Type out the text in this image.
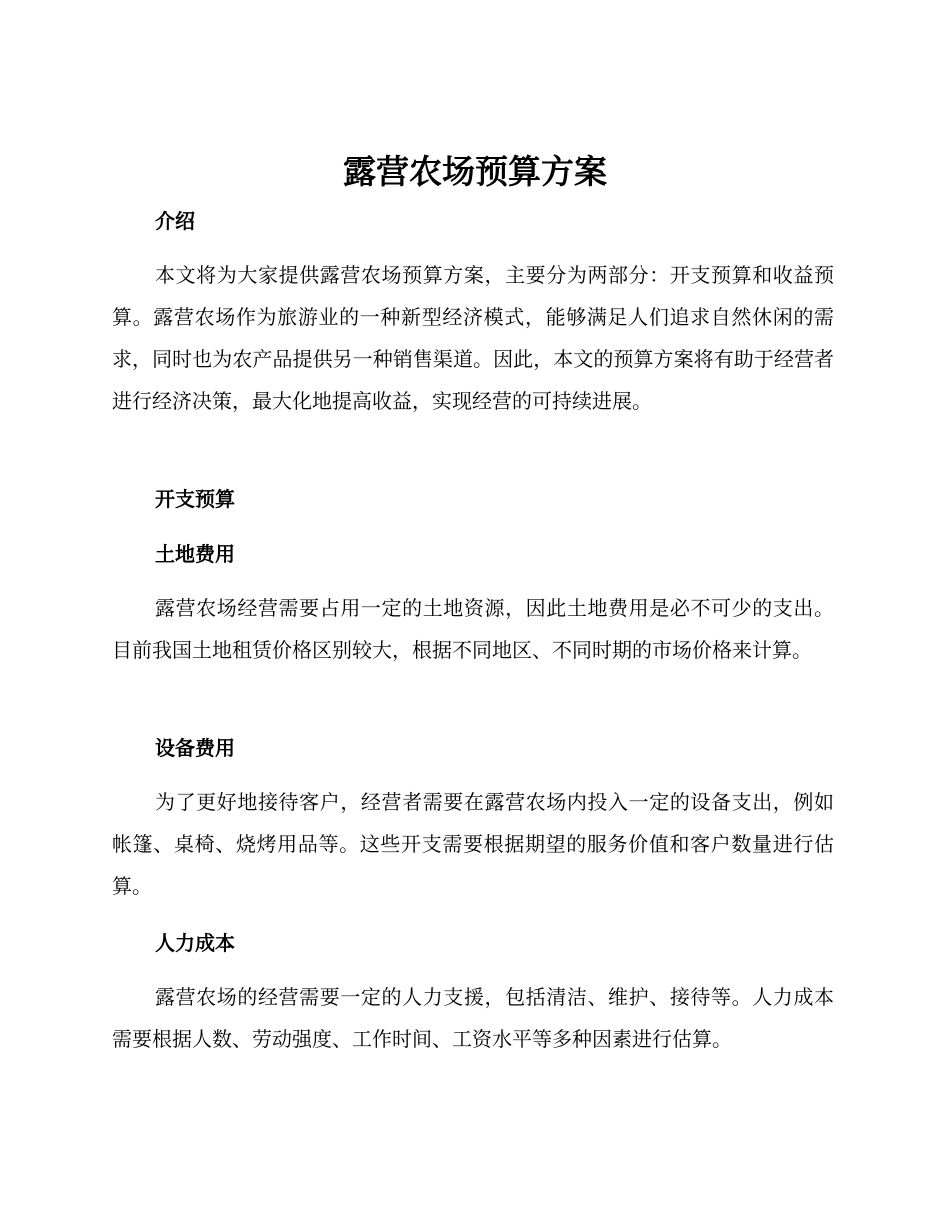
露营农场预算方案
介绍

本文将为大家提供露营农场预算方案，主要分为两部分：开支预算和收益预算。露营农场作为旅游业的一种新型经济模式，能够满足人们追求自然休闲的需求，同时也为农产品提供另一种销售渠道。因此，本文的预算方案将有助于经营者进行经济决策，最大化地提高收益，实现经营的可持续进展。

开支预算
土地费用

露营农场经营需要占用一定的土地资源，因此土地费用是必不可少的支出。目前我国土地租赁价格区别较大，根据不同地区、不同时期的市场价格来计算。

设备费用

为了更好地接待客户，经营者需要在露营农场内投入一定的设备支出，例如帐篷、桌椅、烧烤用品等。这些开支需要根据期望的服务价值和客户数量进行估算。

人力成本

露营农场的经营需要一定的人力支援，包括清洁、维护、接待等。人力成本需要根据人数、劳动强度、工作时间、工资水平等多种因素进行估算。
